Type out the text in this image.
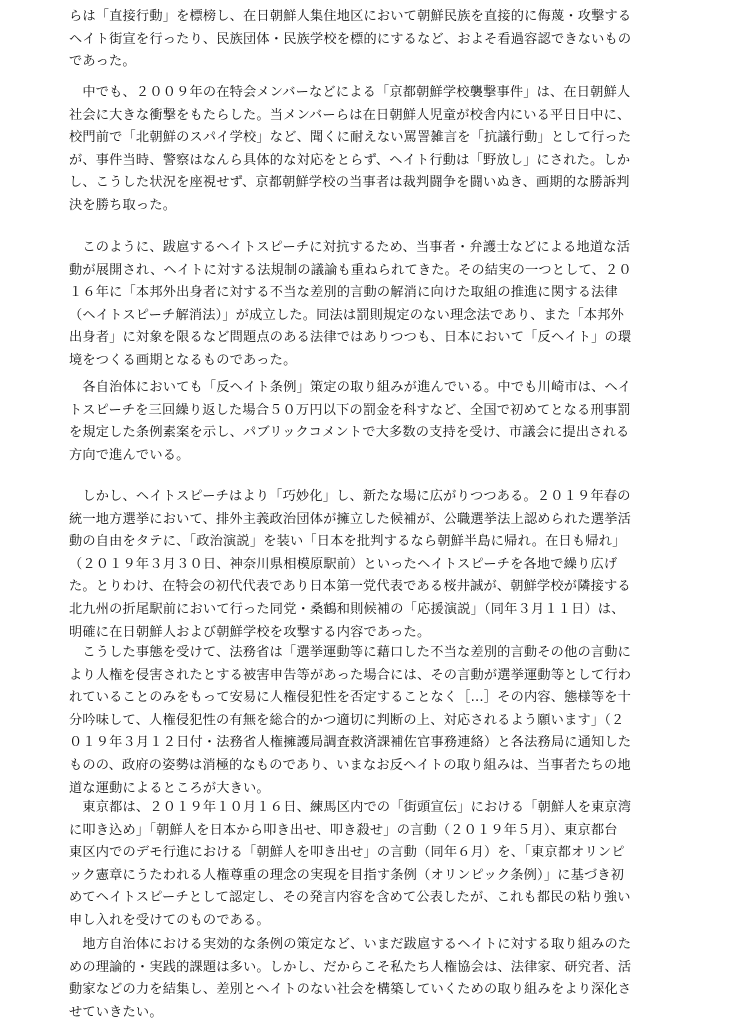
らは「直接行動」を標榜し、在日朝鮮人集住地区において朝鮮民族を直接的に侮蔑・攻撃する
ヘイト街宣を行ったり、民族団体・民族学校を標的にするなど、およそ看過容認できないもの
であった。

　中でも、２００９年の在特会メンバーなどによる「京都朝鮮学校襲撃事件」は、在日朝鮮人
社会に大きな衝撃をもたらした。当メンバーらは在日朝鮮人児童が校舎内にいる平日日中に、
校門前で「北朝鮮のスパイ学校」など、聞くに耐えない罵詈雑言を「抗議行動」として行った
が、事件当時、警察はなんら具体的な対応をとらず、ヘイト行動は「野放し」にされた。しか
し、こうした状況を座視せず、京都朝鮮学校の当事者は裁判闘争を闘いぬき、画期的な勝訴判
決を勝ち取った。

　このように、跋扈するヘイトスピーチに対抗するため、当事者・弁護士などによる地道な活
動が展開され、ヘイトに対する法規制の議論も重ねられてきた。その結実の一つとして、２０
１６年に「本邦外出身者に対する不当な差別的言動の解消に向けた取組の推進に関する法律
（ヘイトスピーチ解消法）」が成立した。同法は罰則規定のない理念法であり、また「本邦外
出身者」に対象を限るなど問題点のある法律ではありつつも、日本において「反ヘイト」の環
境をつくる画期となるものであった。

　各自治体においても「反ヘイト条例」策定の取り組みが進んでいる。中でも川崎市は、ヘイ
トスピーチを三回繰り返した場合５０万円以下の罰金を科すなど、全国で初めてとなる刑事罰
を規定した条例素案を示し、パブリックコメントで大多数の支持を受け、市議会に提出される
方向で進んでいる。

　しかし、ヘイトスピーチはより「巧妙化」し、新たな場に広がりつつある。２０１９年春の
統一地方選挙において、排外主義政治団体が擁立した候補が、公職選挙法上認められた選挙活
動の自由をタテに、「政治演説」を装い「日本を批判するなら朝鮮半島に帰れ。在日も帰れ」
（２０１９年３月３０日、神奈川県相模原駅前）といったヘイトスピーチを各地で繰り広げ
た。とりわけ、在特会の初代代表であり日本第一党代表である桜井誠が、朝鮮学校が隣接する
北九州の折尾駅前において行った同党・桑鶴和則候補の「応援演説」（同年３月１１日）は、
明確に在日朝鮮人および朝鮮学校を攻撃する内容であった。

　こうした事態を受けて、法務省は「選挙運動等に藉口した不当な差別的言動その他の言動に
より人権を侵害されたとする被害申告等があった場合には、その言動が選挙運動等として行わ
れていることのみをもって安易に人権侵犯性を否定することなく［...］その内容、態様等を十
分吟味して、人権侵犯性の有無を総合的かつ適切に判断の上、対応されるよう願います」（２
０１９年３月１２日付・法務省人権擁護局調査救済課補佐官事務連絡）と各法務局に通知した
ものの、政府の姿勢は消極的なものであり、いまなお反ヘイトの取り組みは、当事者たちの地
道な運動によるところが大きい。

　東京都は、２０１９年１０月１６日、練馬区内での「街頭宣伝」における「朝鮮人を東京湾
に叩き込め」「朝鮮人を日本から叩き出せ、叩き殺せ」の言動（２０１９年５月）、東京都台
東区内でのデモ行進における「朝鮮人を叩き出せ」の言動（同年６月）を、「東京都オリンピ
ック憲章にうたわれる人権尊重の理念の実現を目指す条例（オリンピック条例）」に基づき初
めてヘイトスピーチとして認定し、その発言内容を含めて公表したが、これも都民の粘り強い
申し入れを受けてのものである。

　地方自治体における実効的な条例の策定など、いまだ跋扈するヘイトに対する取り組みのた
めの理論的・実践的課題は多い。しかし、だからこそ私たち人権協会は、法律家、研究者、活
動家などの力を結集し、差別とヘイトのない社会を構築していくための取り組みをより深化さ
せていきたい。
